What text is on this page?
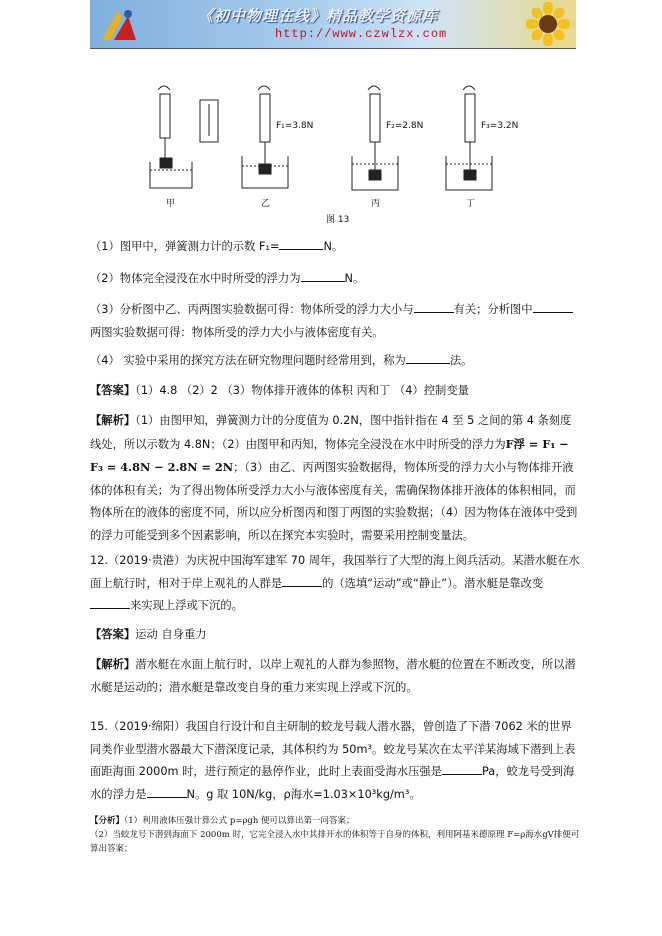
《初中物理在线》精品教学资源库
http://www.czwlzx.com
F₁=3.8N	F₂=2.8N	F₃=3.2N
甲	乙	丙	丁
图 13
（1）图甲中，弹簧测力计的示数 F₁=	N。
（2）物体完全浸没在水中时所受的浮力为	N。
（3）分析图中乙、丙两图实验数据可得：物体所受的浮力大小与	有关；分析图中两图实验数据可得：物体所受的浮力大小与液体密度有关。
（4） 实验中采用的探究方法在研究物理问题时经常用到，称为	法。
【答案】（1）4.8 （2）2 （3）物体排开液体的体积 丙和丁 （4）控制变量
【解析】（1）由图甲知，弹簧测力计的分度值为 0.2N，图中指针指在 4 至 5 之间的第 4 条刻度线处，所以示数为 4.8N；（2）由图甲和丙知，物体完全浸没在水中时所受的浮力为F浮 = F₁ − F₃ = 4.8N − 2.8N = 2N；（3）由乙、丙两图实验数据得，物体所受的浮力大小与物体排开液体的体积有关；为了得出物体所受浮力大小与液体密度有关，需确保物体排开液体的体积相同，而物体所在的液体的密度不同，所以应分析图丙和图丁两图的实验数据；（4）因为物体在液体中受到的浮力可能受到多个因素影响，所以在探究本实验时，需要采用控制变量法。
12.（2019·贵港）为庆祝中国海军建军 70 周年，我国举行了大型的海上阅兵活动。某潜水艇在水面上航行时，相对于岸上观礼的人群是	的（选填“运动”或“静止”）。潜水艇是靠改变来实现上浮或下沉的。
【答案】运动 自身重力
【解析】潜水艇在水面上航行时，以岸上观礼的人群为参照物，潜水艇的位置在不断改变，所以潜水艇是运动的；潜水艇是靠改变自身的重力来实现上浮或下沉的。
15.（2019·绵阳）我国自行设计和自主研制的蛟龙号载人潜水器，曾创造了下潜 7062 米的世界同类作业型潜水器最大下潜深度记录，其体积约为 50m³。蛟龙号某次在太平洋某海域下潜到上表面距海面 2000m 时，进行预定的悬停作业，此时上表面受海水压强是	Pa，蛟龙号受到海水的浮力是	N。g 取 10N/kg，ρ海水=1.03×10³kg/m³。
【分析】（1）利用液体压强计算公式 p=ρgh 便可以算出第一问答案；
（2）当蛟龙号下潜到海面下 2000m 时，它完全浸入水中其排开水的体积等于自身的体积，利用阿基米德原理 F=ρ海水gV排便可算出答案；
